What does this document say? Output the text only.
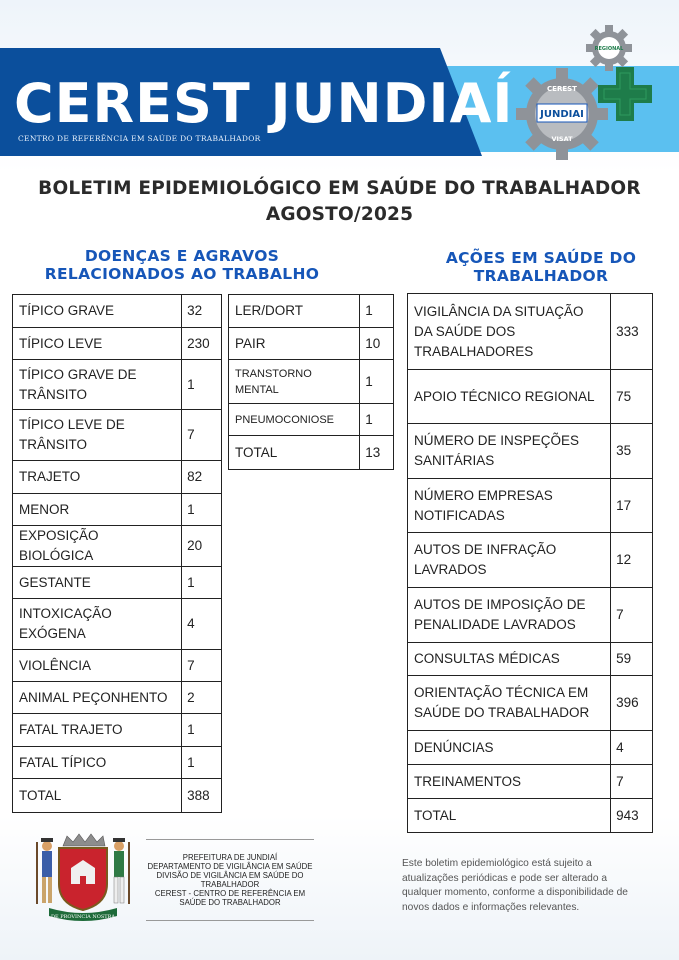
CEREST JUNDIAÍ
CENTRO DE REFERÊNCIA EM SAÚDE DO TRABALHADOR
REGIONAL
CEREST
JUNDIAI
VISAT
BOLETIM EPIDEMIOLÓGICO EM SAÚDE DO TRABALHADOR
AGOSTO/2025
DOENÇAS E AGRAVOS
RELACIONADOS AO TRABALHO
AÇÕES EM SAÚDE DO
TRABALHADOR
TÍPICO GRAVE	32
TÍPICO LEVE	230
TÍPICO GRAVE DE TRÂNSITO	1
TÍPICO LEVE DE TRÂNSITO	7
TRAJETO	82
MENOR	1
EXPOSIÇÃO BIOLÓGICA	20
GESTANTE	1
INTOXICAÇÃO EXÓGENA	4
VIOLÊNCIA	7
ANIMAL PEÇONHENTO	2
FATAL TRAJETO	1
FATAL TÍPICO	1
TOTAL	388
LER/DORT	1
PAIR	10
TRANSTORNO MENTAL	1
PNEUMOCONIOSE	1
TOTAL	13
VIGILÂNCIA DA SITUAÇÃO DA SAÚDE DOS TRABALHADORES	333
APOIO TÉCNICO REGIONAL	75
NÚMERO DE INSPEÇÕES SANITÁRIAS	35
NÚMERO EMPRESAS NOTIFICADAS	17
AUTOS DE INFRAÇÃO LAVRADOS	12
AUTOS DE IMPOSIÇÃO DE PENALIDADE LAVRADOS	7
CONSULTAS MÉDICAS	59
ORIENTAÇÃO TÉCNICA EM SAÚDE DO TRABALHADOR	396
DENÚNCIAS	4
TREINAMENTOS	7
TOTAL	943
DE PROVINCIA NOSTRA
PREFEITURA DE JUNDIAÍ
DEPARTAMENTO DE VIGILÂNCIA EM SAÚDE
DIVISÃO DE VIGILÂNCIA EM SAÚDE DO
TRABALHADOR
CEREST - CENTRO DE REFERÊNCIA EM
SAÚDE DO TRABALHADOR
Este boletim epidemiológico está sujeito a atualizações periódicas e pode ser alterado a qualquer momento, conforme a disponibilidade de novos dados e informações relevantes.
